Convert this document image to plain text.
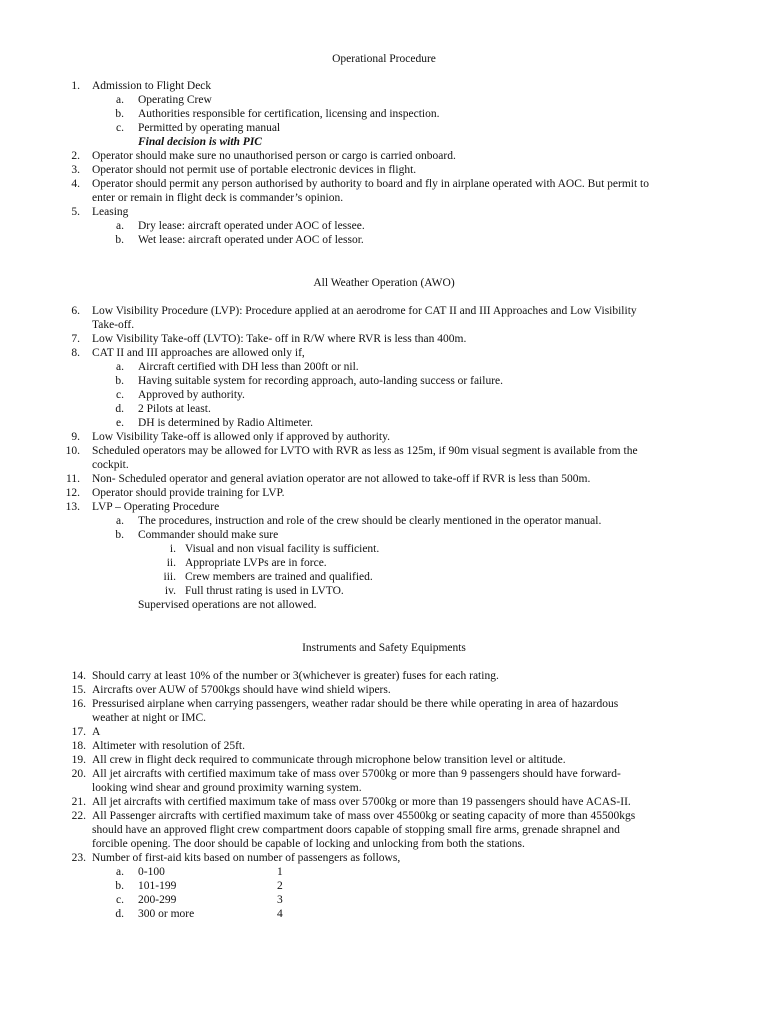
Operational Procedure
1. Admission to Flight Deck
a. Operating Crew
b. Authorities responsible for certification, licensing and inspection.
c. Permitted by operating manual
Final decision is with PIC
2. Operator should make sure no unauthorised person or cargo is carried onboard.
3. Operator should not permit use of portable electronic devices in flight.
4. Operator should permit any person authorised by authority to board and fly in airplane operated with AOC. But permit to
enter or remain in flight deck is commander’s opinion.
5. Leasing
a. Dry lease: aircraft operated under AOC of lessee.
b. Wet lease: aircraft operated under AOC of lessor.
All Weather Operation (AWO)
6. Low Visibility Procedure (LVP): Procedure applied at an aerodrome for CAT II and III Approaches and Low Visibility
Take-off.
7. Low Visibility Take-off (LVTO): Take- off in R/W where RVR is less than 400m.
8. CAT II and III approaches are allowed only if,
a. Aircraft certified with DH less than 200ft or nil.
b. Having suitable system for recording approach, auto-landing success or failure.
c. Approved by authority.
d. 2 Pilots at least.
e. DH is determined by Radio Altimeter.
9. Low Visibility Take-off is allowed only if approved by authority.
10. Scheduled operators may be allowed for LVTO with RVR as less as 125m, if 90m visual segment is available from the
cockpit.
11. Non- Scheduled operator and general aviation operator are not allowed to take-off if RVR is less than 500m.
12. Operator should provide training for LVP.
13. LVP – Operating Procedure
a. The procedures, instruction and role of the crew should be clearly mentioned in the operator manual.
b. Commander should make sure
i. Visual and non visual facility is sufficient.
ii. Appropriate LVPs are in force.
iii. Crew members are trained and qualified.
iv. Full thrust rating is used in LVTO.
Supervised operations are not allowed.
Instruments and Safety Equipments
14. Should carry at least 10% of the number or 3(whichever is greater) fuses for each rating.
15. Aircrafts over AUW of 5700kgs should have wind shield wipers.
16. Pressurised airplane when carrying passengers, weather radar should be there while operating in area of hazardous
weather at night or IMC.
17. A
18. Altimeter with resolution of 25ft.
19. All crew in flight deck required to communicate through microphone below transition level or altitude.
20. All jet aircrafts with certified maximum take of mass over 5700kg or more than 9 passengers should have forward-
looking wind shear and ground proximity warning system.
21. All jet aircrafts with certified maximum take of mass over 5700kg or more than 19 passengers should have ACAS-II.
22. All Passenger aircrafts with certified maximum take of mass over 45500kg or seating capacity of more than 45500kgs
should have an approved flight crew compartment doors capable of stopping small fire arms, grenade shrapnel and
forcible opening. The door should be capable of locking and unlocking from both the stations.
23. Number of first-aid kits based on number of passengers as follows,
a. 0-100	1
b. 101-199	2
c. 200-299	3
d. 300 or more	4
